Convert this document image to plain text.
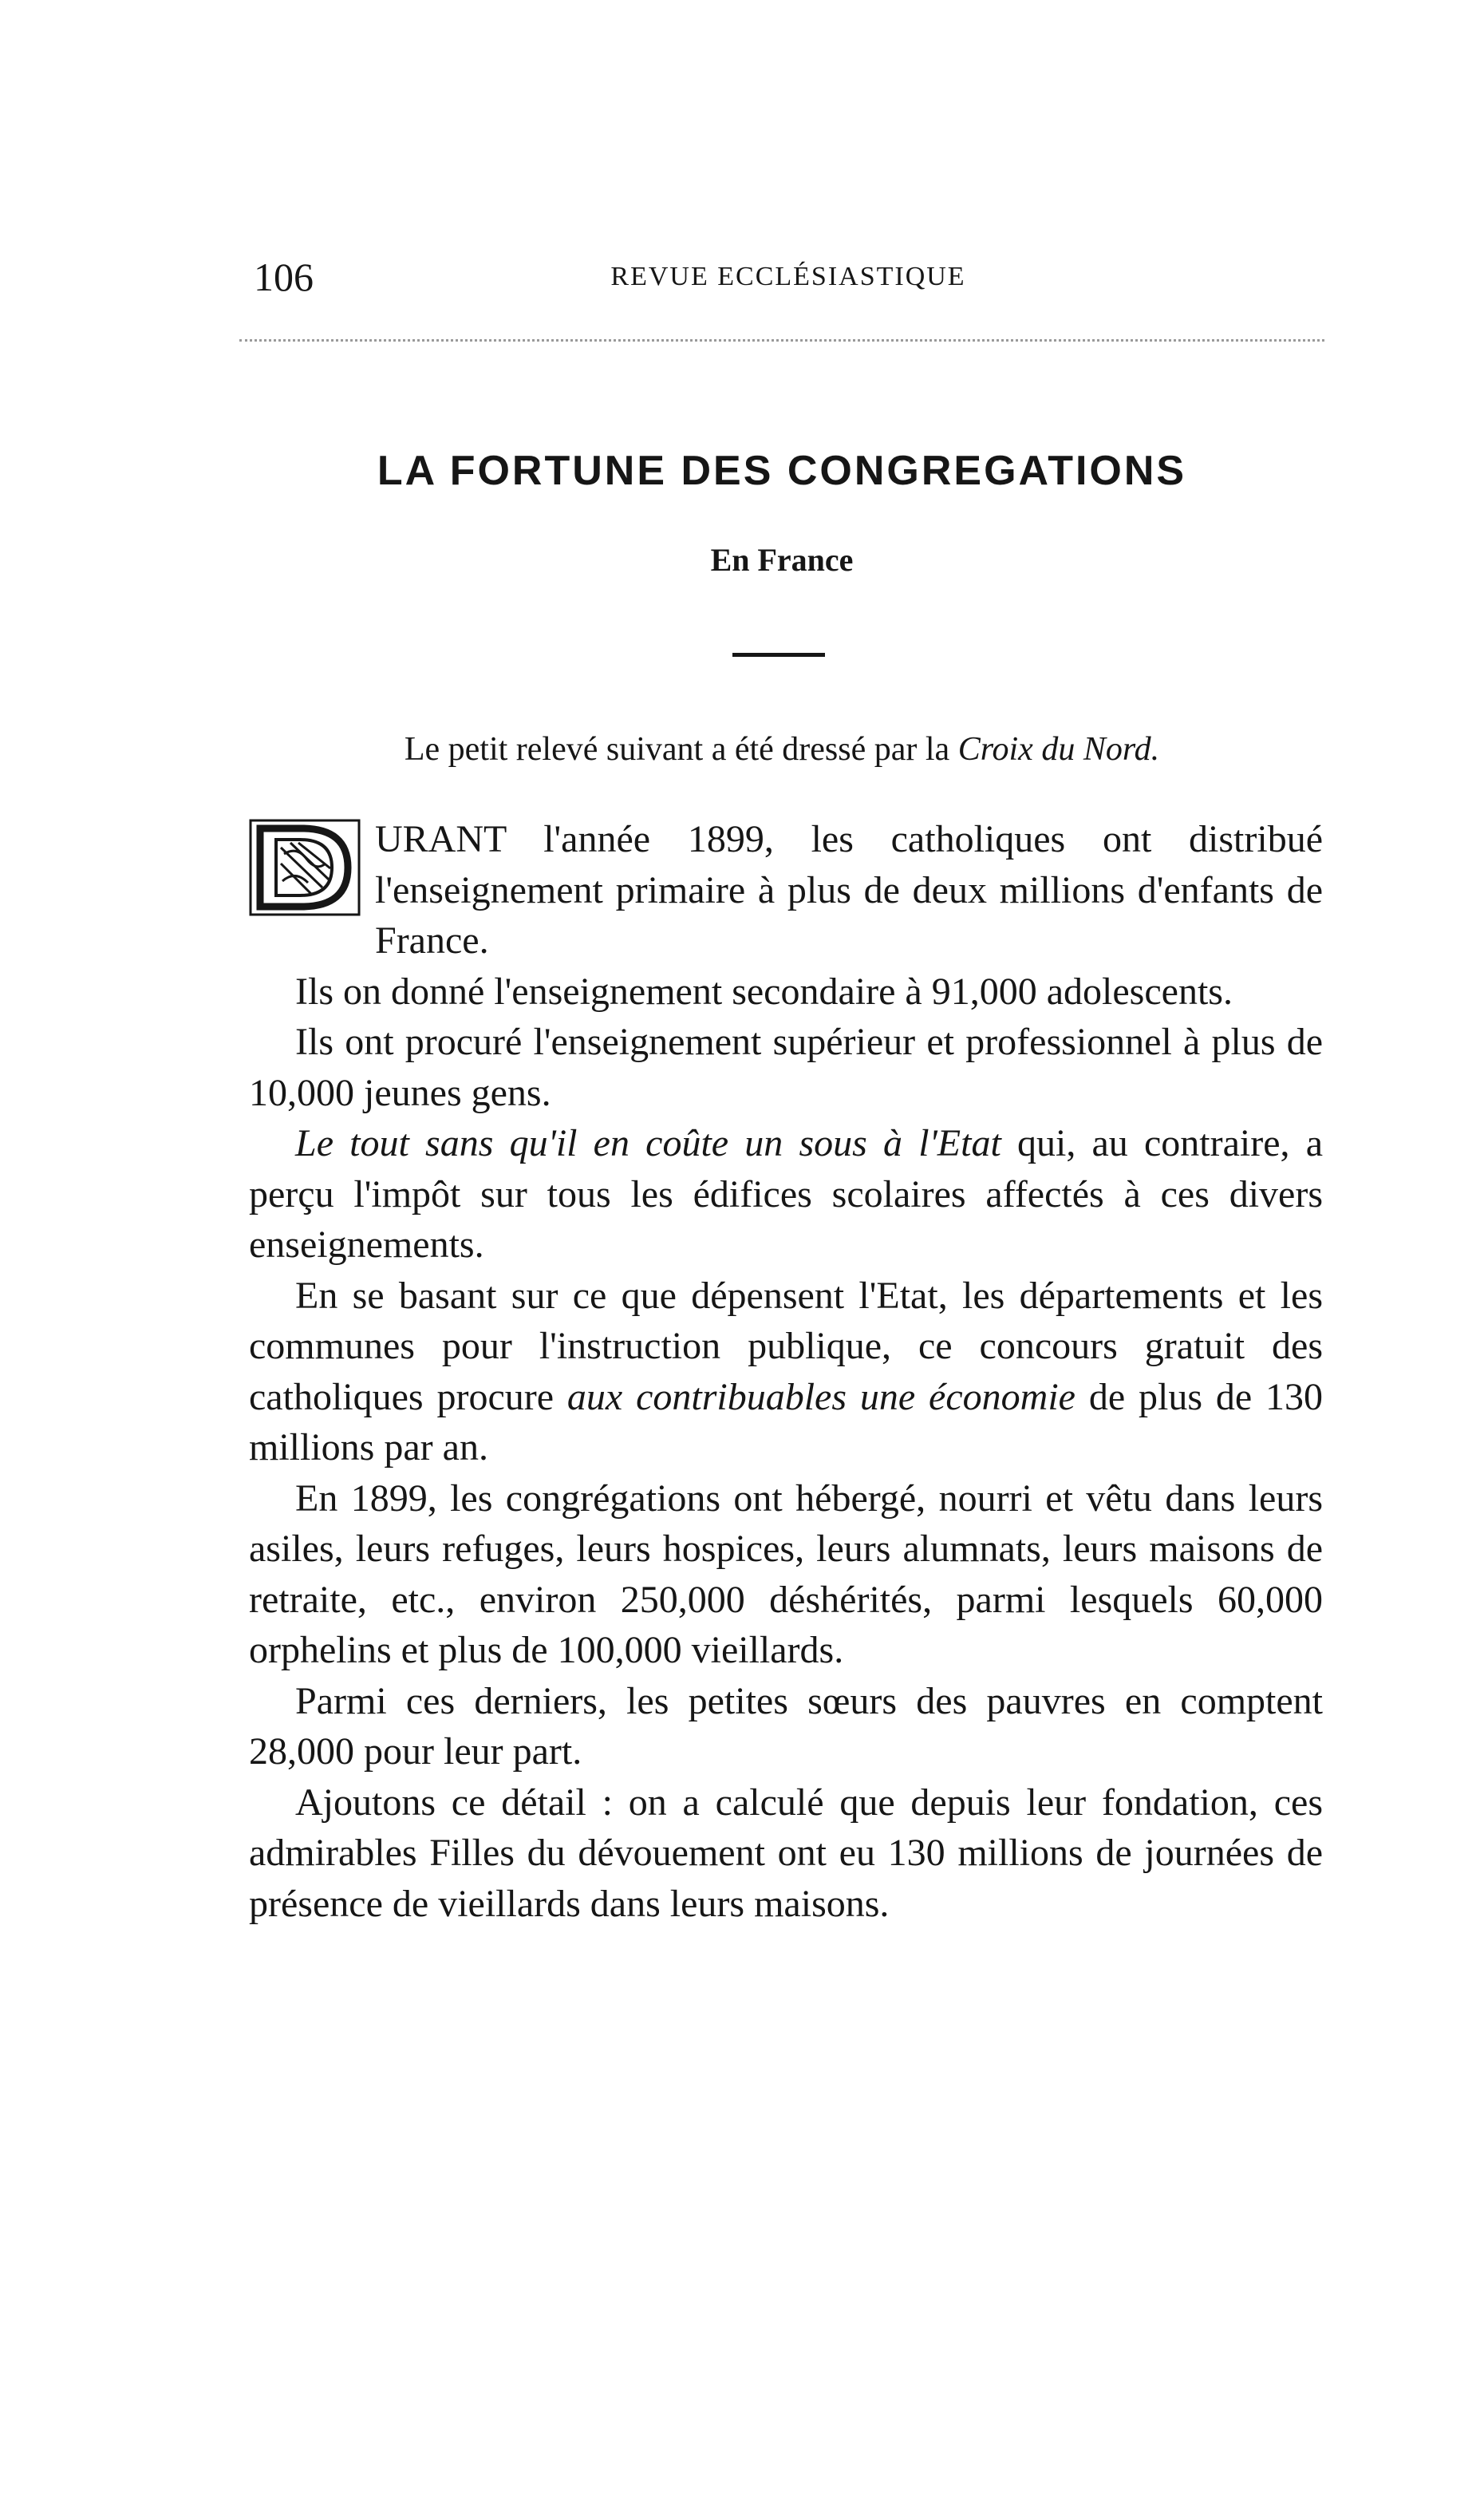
106	REVUE ECCLÉSIASTIQUE
LA FORTUNE DES CONGREGATIONS
En France
Le petit relevé suivant a été dressé par la Croix du Nord.

URANT l'année 1899, les catholiques ont distribué l'enseignement primaire à plus de deux millions d'enfants de France.

Ils on donné l'enseignement secondaire à 91,000 adolescents.

Ils ont procuré l'enseignement supérieur et professionnel à plus de 10,000 jeunes gens.

Le tout sans qu'il en coûte un sous à l'Etat qui, au contraire, a perçu l'impôt sur tous les édifices scolaires affectés à ces divers enseignements.

En se basant sur ce que dépensent l'Etat, les départements et les communes pour l'instruction publique, ce concours gratuit des catholiques procure aux contribuables une économie de plus de 130 millions par an.

En 1899, les congrégations ont hébergé, nourri et vêtu dans leurs asiles, leurs refuges, leurs hospices, leurs alumnats, leurs maisons de retraite, etc., environ 250,000 déshérités, parmi lesquels 60,000 orphelins et plus de 100,000 vieillards.

Parmi ces derniers, les petites sœurs des pauvres en comptent 28,000 pour leur part.

Ajoutons ce détail : on a calculé que depuis leur fondation, ces admirables Filles du dévouement ont eu 130 millions de journées de présence de vieillards dans leurs maisons.
